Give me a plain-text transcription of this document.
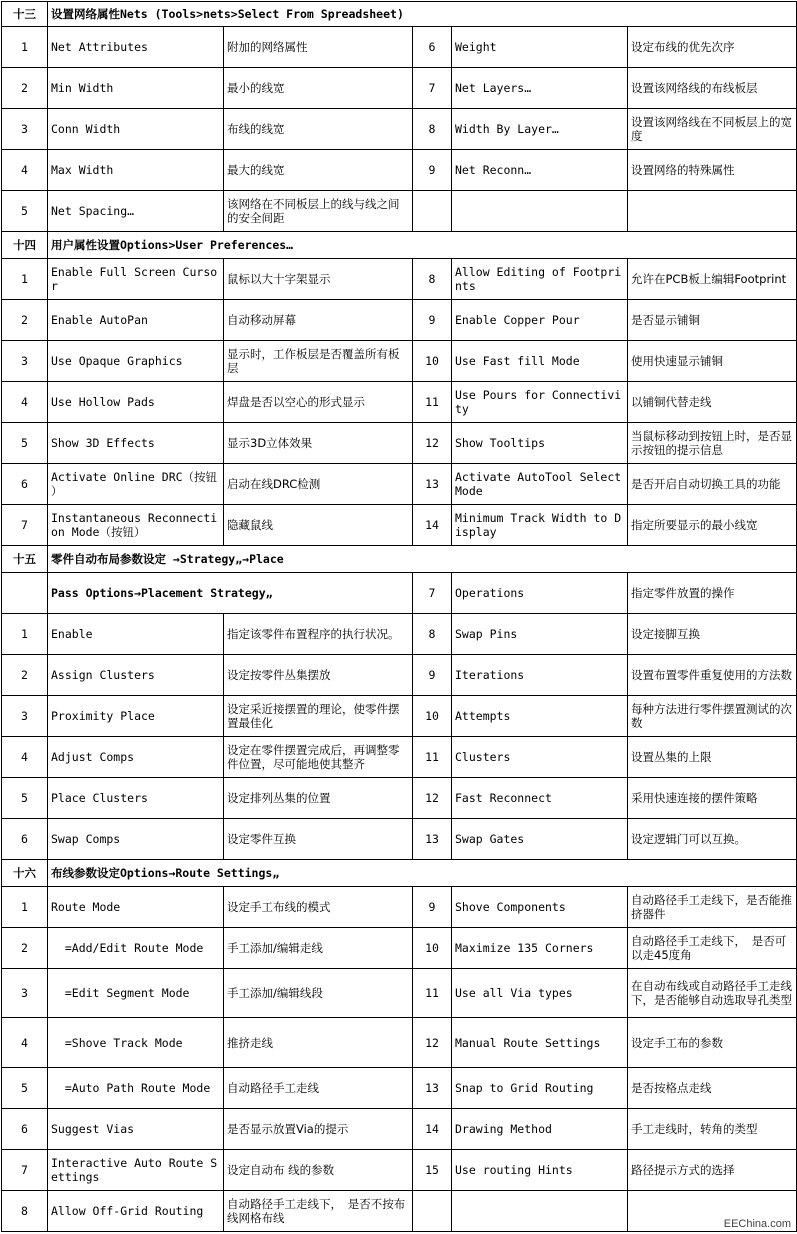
十三	设置网络属性Nets (Tools>nets>Select From Spreadsheet)				
1	Net Attributes	附加的网络属性	6	Weight	设定布线的优先次序
2	Min Width	最小的线宽	7	Net Layers…	设置该网络线的布线板层
3	Conn Width	布线的线宽	8	Width By Layer…	设置该网络线在不同板层上的宽度
4	Max Width	最大的线宽	9	Net Reconn…	设置网络的特殊属性
5	Net Spacing…	该网络在不同板层上的线与线之间的安全间距			
十四	用户属性设置Options>User Preferences…				
1	Enable Full Screen Cursor	鼠标以大十字架显示	8	Allow Editing of Footprints	允许在PCB板上编辑Footprint
2	Enable AutoPan	自动移动屏幕	9	Enable Copper Pour	是否显示铺铜
3	Use Opaque Graphics	显示时，工作板层是否覆盖所有板层	10	Use Fast fill Mode	使用快速显示铺铜
4	Use Hollow Pads	焊盘是否以空心的形式显示	11	Use Pours for Connectivity	以铺铜代替走线
5	Show 3D Effects	显示3D立体效果	12	Show Tooltips	当鼠标移动到按钮上时，是否显示按钮的提示信息
6	Activate Online DRC（按钮 ）	启动在线DRC检测	13	Activate AutoTool Select Mode	是否开启自动切换工具的功能
7	Instantaneous Reconnection Mode（按钮）	隐藏鼠线	14	Minimum Track Width to Display	指定所要显示的最小线宽
十五	零件自动布局参数设定 →Strategy„→Place				
	Pass Options→Placement Strategy„		7	Operations	指定零件放置的操作
1	Enable	指定该零件布置程序的执行状况。	8	Swap Pins	设定接脚互换
2	Assign Clusters	设定按零件丛集摆放	9	Iterations	设置布置零件重复使用的方法数
3	Proximity Place	设定采近接摆置的理论，使零件摆置最佳化	10	Attempts	每种方法进行零件摆置测试的次数
4	Adjust Comps	设定在零件摆置完成后，再调整零件位置，尽可能地使其整齐	11	Clusters	设置丛集的上限
5	Place Clusters	设定排列丛集的位置	12	Fast Reconnect	采用快速连接的摆件策略
6	Swap Comps	设定零件互换	13	Swap Gates	设定逻辑门可以互换。
十六	布线参数设定Options→Route Settings„				
1	Route Mode	设定手工布线的模式	9	Shove Components	自动路径手工走线下，是否能推挤器件
2	=Add/Edit Route Mode	手工添加/编辑走线	10	Maximize 135 Corners	自动路径手工走线下，　是否可以走45度角
3	=Edit Segment Mode	手工添加/编辑线段	11	Use all Via types	在自动布线或自动路径手工走线下，是否能够自动选取导孔类型
4	=Shove Track Mode	推挤走线	12	Manual Route Settings	设定手工布的参数
5	=Auto Path Route Mode	自动路径手工走线	13	Snap to Grid Routing	是否按格点走线
6	Suggest Vias	是否显示放置Via的提示	14	Drawing Method	手工走线时，转角的类型
7	Interactive Auto Route Settings	设定自动布 线的参数	15	Use routing Hints	路径提示方式的选择
8	Allow Off-Grid Routing	自动路径手工走线下，　是否不按布线网格布线				EEChina.com
